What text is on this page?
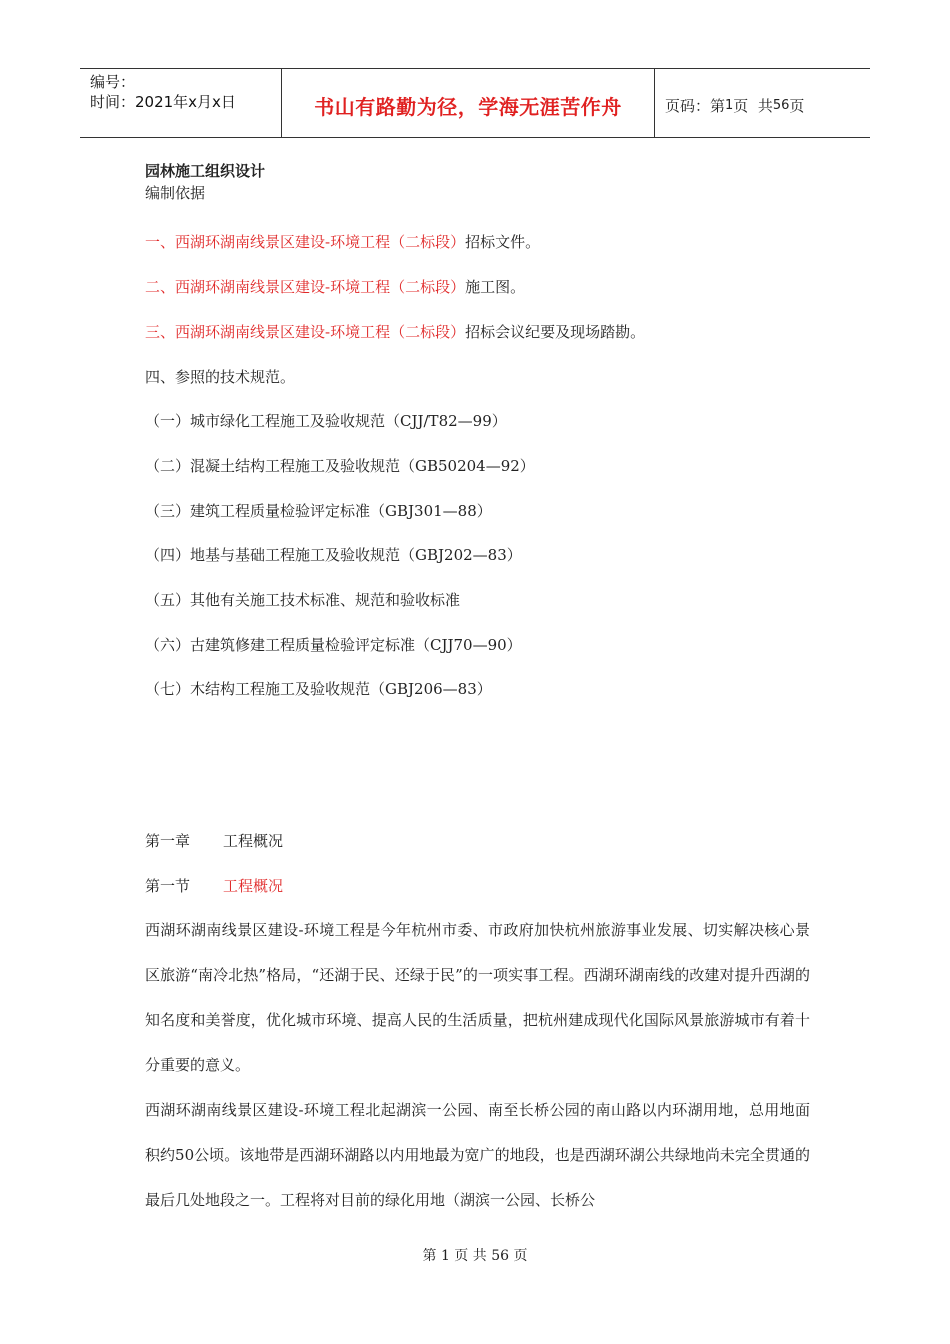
编号：
时间：2021年x月x日	书山有路勤为径，学海无涯苦作舟	页码：第 1 页  共 56 页
园林施工组织设计
编制依据
一、西湖环湖南线景区建设-环境工程（二标段）招标文件。
二、西湖环湖南线景区建设-环境工程（二标段）施工图。
三、西湖环湖南线景区建设-环境工程（二标段）招标会议纪要及现场踏勘。
四、参照的技术规范。
（一）城市绿化工程施工及验收规范（CJJ/T82—99）
（二）混凝土结构工程施工及验收规范（GB50204—92）
（三）建筑工程质量检验评定标准（GBJ301—88）
（四）地基与基础工程施工及验收规范（GBJ202—83）
（五）其他有关施工技术标准、规范和验收标准
（六）古建筑修建工程质量检验评定标准（CJJ70—90）
（七）木结构工程施工及验收规范（GBJ206—83）
第一章 工程概况
第一节 工程概况
西湖环湖南线景区建设-环境工程是今年杭州市委、市政府加快杭州旅游事业发展、切实解决核心景区旅游“南冷北热”格局，“还湖于民、还绿于民”的一项实事工程。西湖环湖南线的改建对提升西湖的知名度和美誉度，优化城市环境、提高人民的生活质量，把杭州建成现代化国际风景旅游城市有着十分重要的意义。
西湖环湖南线景区建设-环境工程北起湖滨一公园、南至长桥公园的南山路以内环湖用地，总用地面积约50公顷。该地带是西湖环湖路以内用地最为宽广的地段，也是西湖环湖公共绿地尚未完全贯通的最后几处地段之一。工程将对目前的绿化用地（湖滨一公园、长桥公
第 1 页 共 56 页
